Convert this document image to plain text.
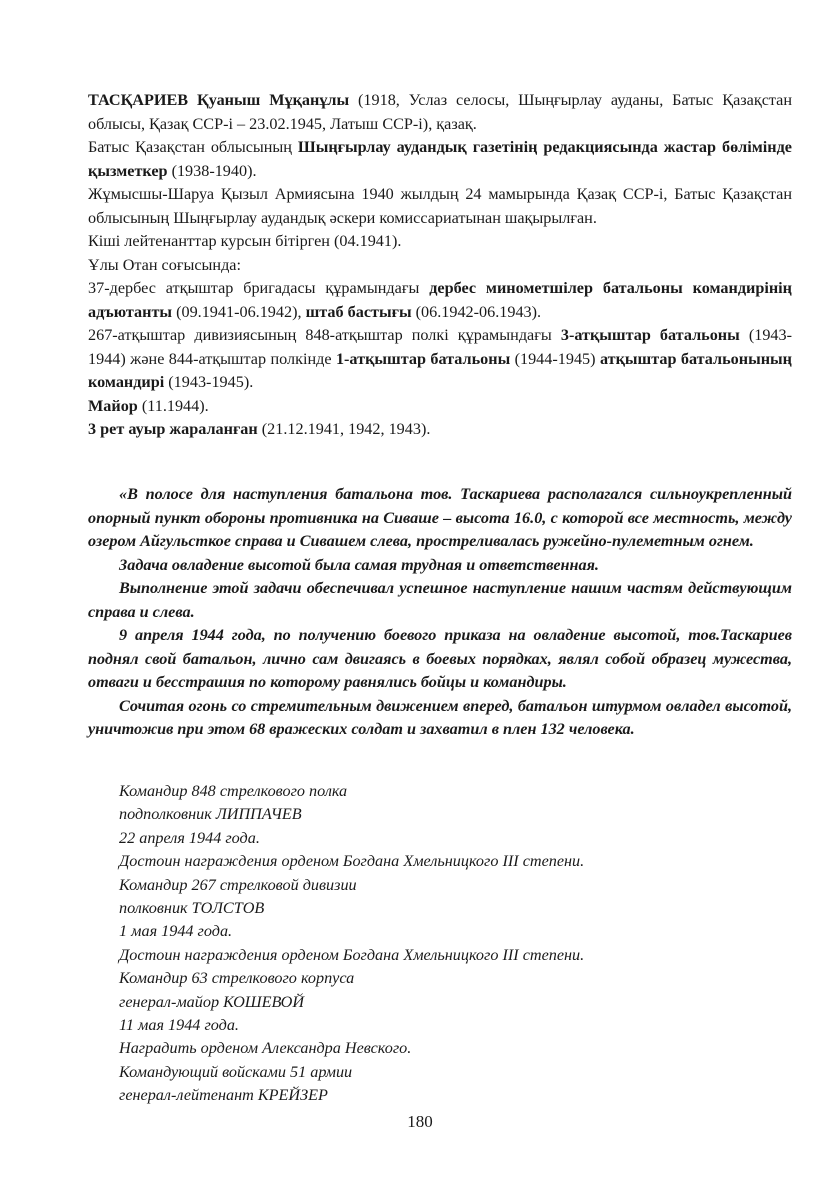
ТАСҚАРИЕВ Қуаныш Мұқанұлы (1918, Услаз селосы, Шыңғырлау ауданы, Батыс Қазақстан облысы, Қазақ ССР-і – 23.02.1945, Латыш ССР-і), қазақ.

Батыс Қазақстан облысының Шыңғырлау аудандық газетінің редакциясында жастар бөлімінде қызметкер (1938-1940).

Жұмысшы-Шаруа Қызыл Армиясына 1940 жылдың 24 мамырында Қазақ ССР-і, Батыс Қазақстан облысының Шыңғырлау аудандық әскери комиссариатынан шақырылған.

Кіші лейтенанттар курсын бітірген (04.1941).

Ұлы Отан соғысында:

37-дербес атқыштар бригадасы құрамындағы дербес минометшілер батальоны командирінің адъютанты (09.1941-06.1942), штаб бастығы (06.1942-06.1943).

267-атқыштар дивизиясының 848-атқыштар полкі құрамындағы 3-атқыштар батальоны (1943-1944) және 844-атқыштар полкінде 1-атқыштар батальоны (1944-1945) атқыштар батальонының командирі (1943-1945).

Майор (11.1944).

3 рет ауыр жараланған (21.12.1941, 1942, 1943).

«В полосе для наступления батальона тов. Таскариева располагался сильноукрепленный опорный пункт обороны противника на Сиваше – высота 16.0, с которой все местность, между озером Айгульсткое справа и Сивашем слева, простреливалась ружейно-пулеметным огнем.

Задача овладение высотой была самая трудная и ответственная.

Выполнение этой задачи обеспечивал успешное наступление нашим частям действующим справа и слева.

9 апреля 1944 года, по получению боевого приказа на овладение высотой, тов.Таскариев поднял свой батальон, лично сам двигаясь в боевых порядках, являл собой образец мужества, отваги и бесстрашия по которому равнялись бойцы и командиры.

Сочитая огонь со стремительным движением вперед, батальон штурмом овладел высотой, уничтожив при этом 68 вражеских солдат и захватил в плен 132 человека.

Командир 848 стрелкового полка
подполковник ЛИППАЧЕВ
22 апреля 1944 года.
Достоин награждения орденом Богдана Хмельницкого III степени.
Командир 267 стрелковой дивизии
полковник ТОЛСТОВ
1 мая 1944 года.
Достоин награждения орденом Богдана Хмельницкого III степени.
Командир 63 стрелкового корпуса
генерал-майор КОШЕВОЙ
11 мая 1944 года.
Наградить орденом Александра Невского.
Командующий войсками 51 армии
генерал-лейтенант КРЕЙЗЕР
180
